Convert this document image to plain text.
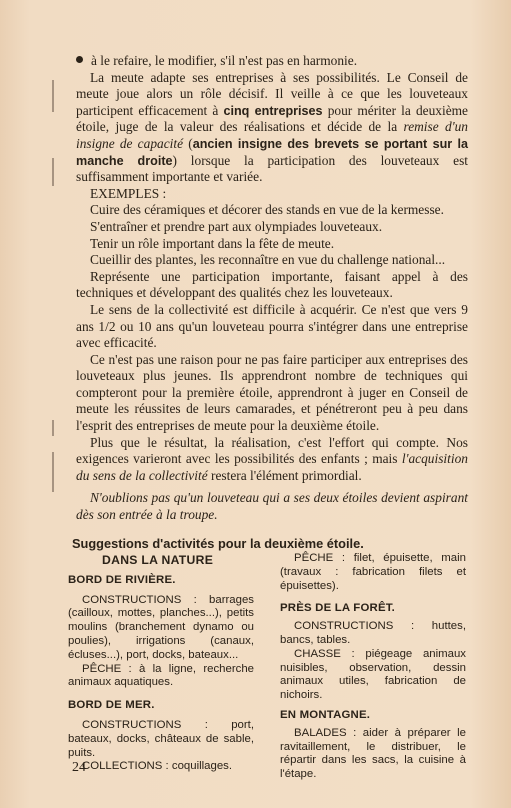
à le refaire, le modifier, s'il n'est pas en harmonie.

La meute adapte ses entreprises à ses possibilités. Le Conseil de meute joue alors un rôle décisif. Il veille à ce que les louveteaux participent efficacement à cinq entreprises pour mériter la deuxième étoile, juge de la valeur des réalisations et décide de la remise d'un insigne de capacité (ancien insigne des brevets se portant sur la manche droite) lorsque la participation des louveteaux est suffisamment importante et variée.

EXEMPLES :

Cuire des céramiques et décorer des stands en vue de la kermesse.

S'entraîner et prendre part aux olympiades louveteaux.

Tenir un rôle important dans la fête de meute.

Cueillir des plantes, les reconnaître en vue du challenge national...

Représente une participation importante, faisant appel à des techniques et développant des qualités chez les louveteaux.

Le sens de la collectivité est difficile à acquérir. Ce n'est que vers 9 ans 1/2 ou 10 ans qu'un louveteau pourra s'intégrer dans une entreprise avec efficacité.

Ce n'est pas une raison pour ne pas faire participer aux entreprises des louveteaux plus jeunes. Ils apprendront nombre de techniques qui compteront pour la première étoile, apprendront à juger en Conseil de meute les réussites de leurs camarades, et pénétreront peu à peu dans l'esprit des entreprises de meute pour la deuxième étoile.

Plus que le résultat, la réalisation, c'est l'effort qui compte. Nos exigences varieront avec les possibilités des enfants ; mais l'acquisition du sens de la collectivité restera l'élément primordial.

N'oublions pas qu'un louveteau qui a ses deux étoiles devient aspirant dès son entrée à la troupe.

Suggestions d'activités pour la deuxième étoile.

DANS LA NATURE

BORD DE RIVIÈRE.

CONSTRUCTIONS : barrages (cailloux, mottes, planches...), petits moulins (branchement dynamo ou poulies), irrigations (canaux, écluses...), port, docks, bateaux...

PÊCHE : à la ligne, recherche animaux aquatiques.

BORD DE MER.

CONSTRUCTIONS : port, bateaux, docks, châteaux de sable, puits.

COLLECTIONS : coquillages.

PÊCHE : filet, épuisette, main (travaux : fabrication filets et épuisettes).

PRÈS DE LA FORÊT.

CONSTRUCTIONS : huttes, bancs, tables.

CHASSE : piégeage animaux nuisibles, observation, dessin animaux utiles, fabrication de nichoirs.

EN MONTAGNE.

BALADES : aider à préparer le ravitaillement, le distribuer, le répartir dans les sacs, la cuisine à l'étape.

24
